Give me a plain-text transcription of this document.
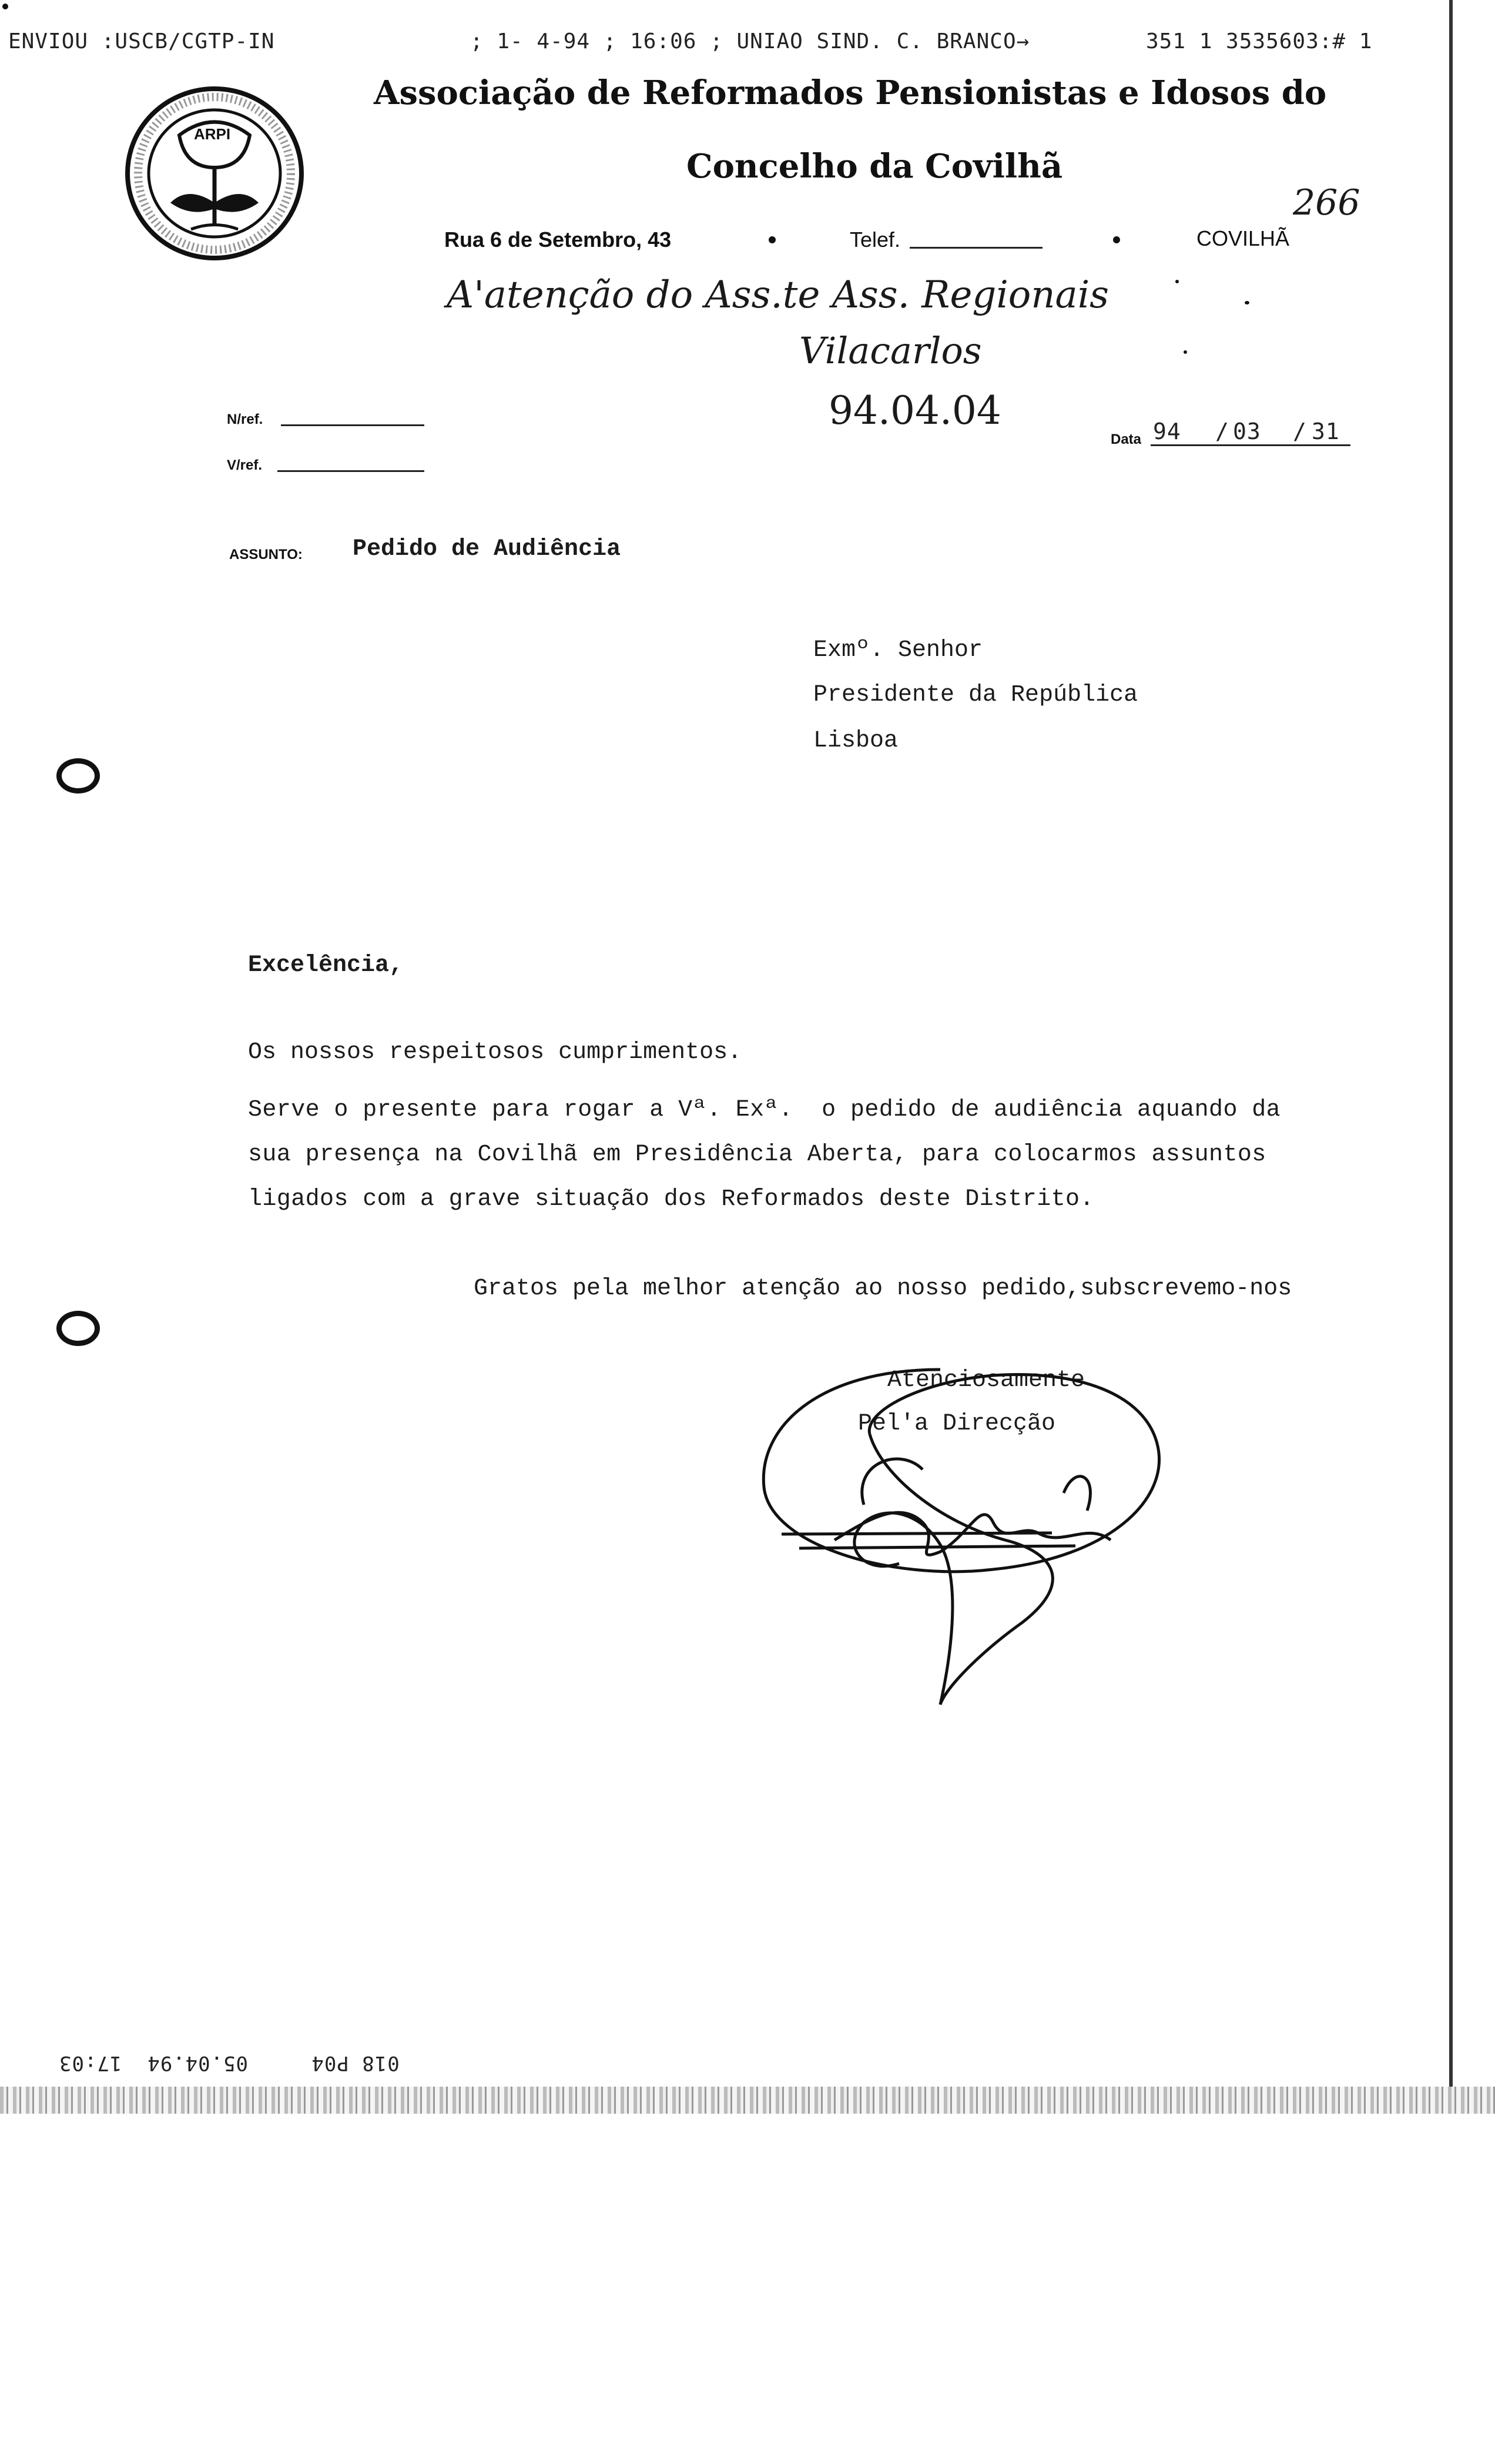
ENVIOU :USCB/CGTP-IN	; 1- 4-94 ; 16:06 ; UNIAO SIND. C. BRANCO→	351 1 3535603:# 1
ARPI
Associação de Reformados Pensionistas e Idosos do
Concelho da Covilhã
Rua 6 de Setembro, 43	Telef.	COVILHÃ
266
A'atenção do Ass.te Ass. Regionais
Vilacarlos
94.04.04
N/ref.
V/ref.
Data 94 / 03 / 31
ASSUNTO: Pedido de Audiência
Exmº. Senhor
Presidente da República
Lisboa
Excelência,
Os nossos respeitosos cumprimentos.
Serve o presente para rogar a Vª. Exª.  o pedido de audiência aquando da
sua presença na Covilhã em Presidência Aberta, para colocarmos assuntos
ligados com a grave situação dos Reformados deste Distrito.
Gratos pela melhor atenção ao nosso pedido,subscrevemo-nos
Atenciosamente
Pel'a Direcção
018 P04     05.04.94  17:03
